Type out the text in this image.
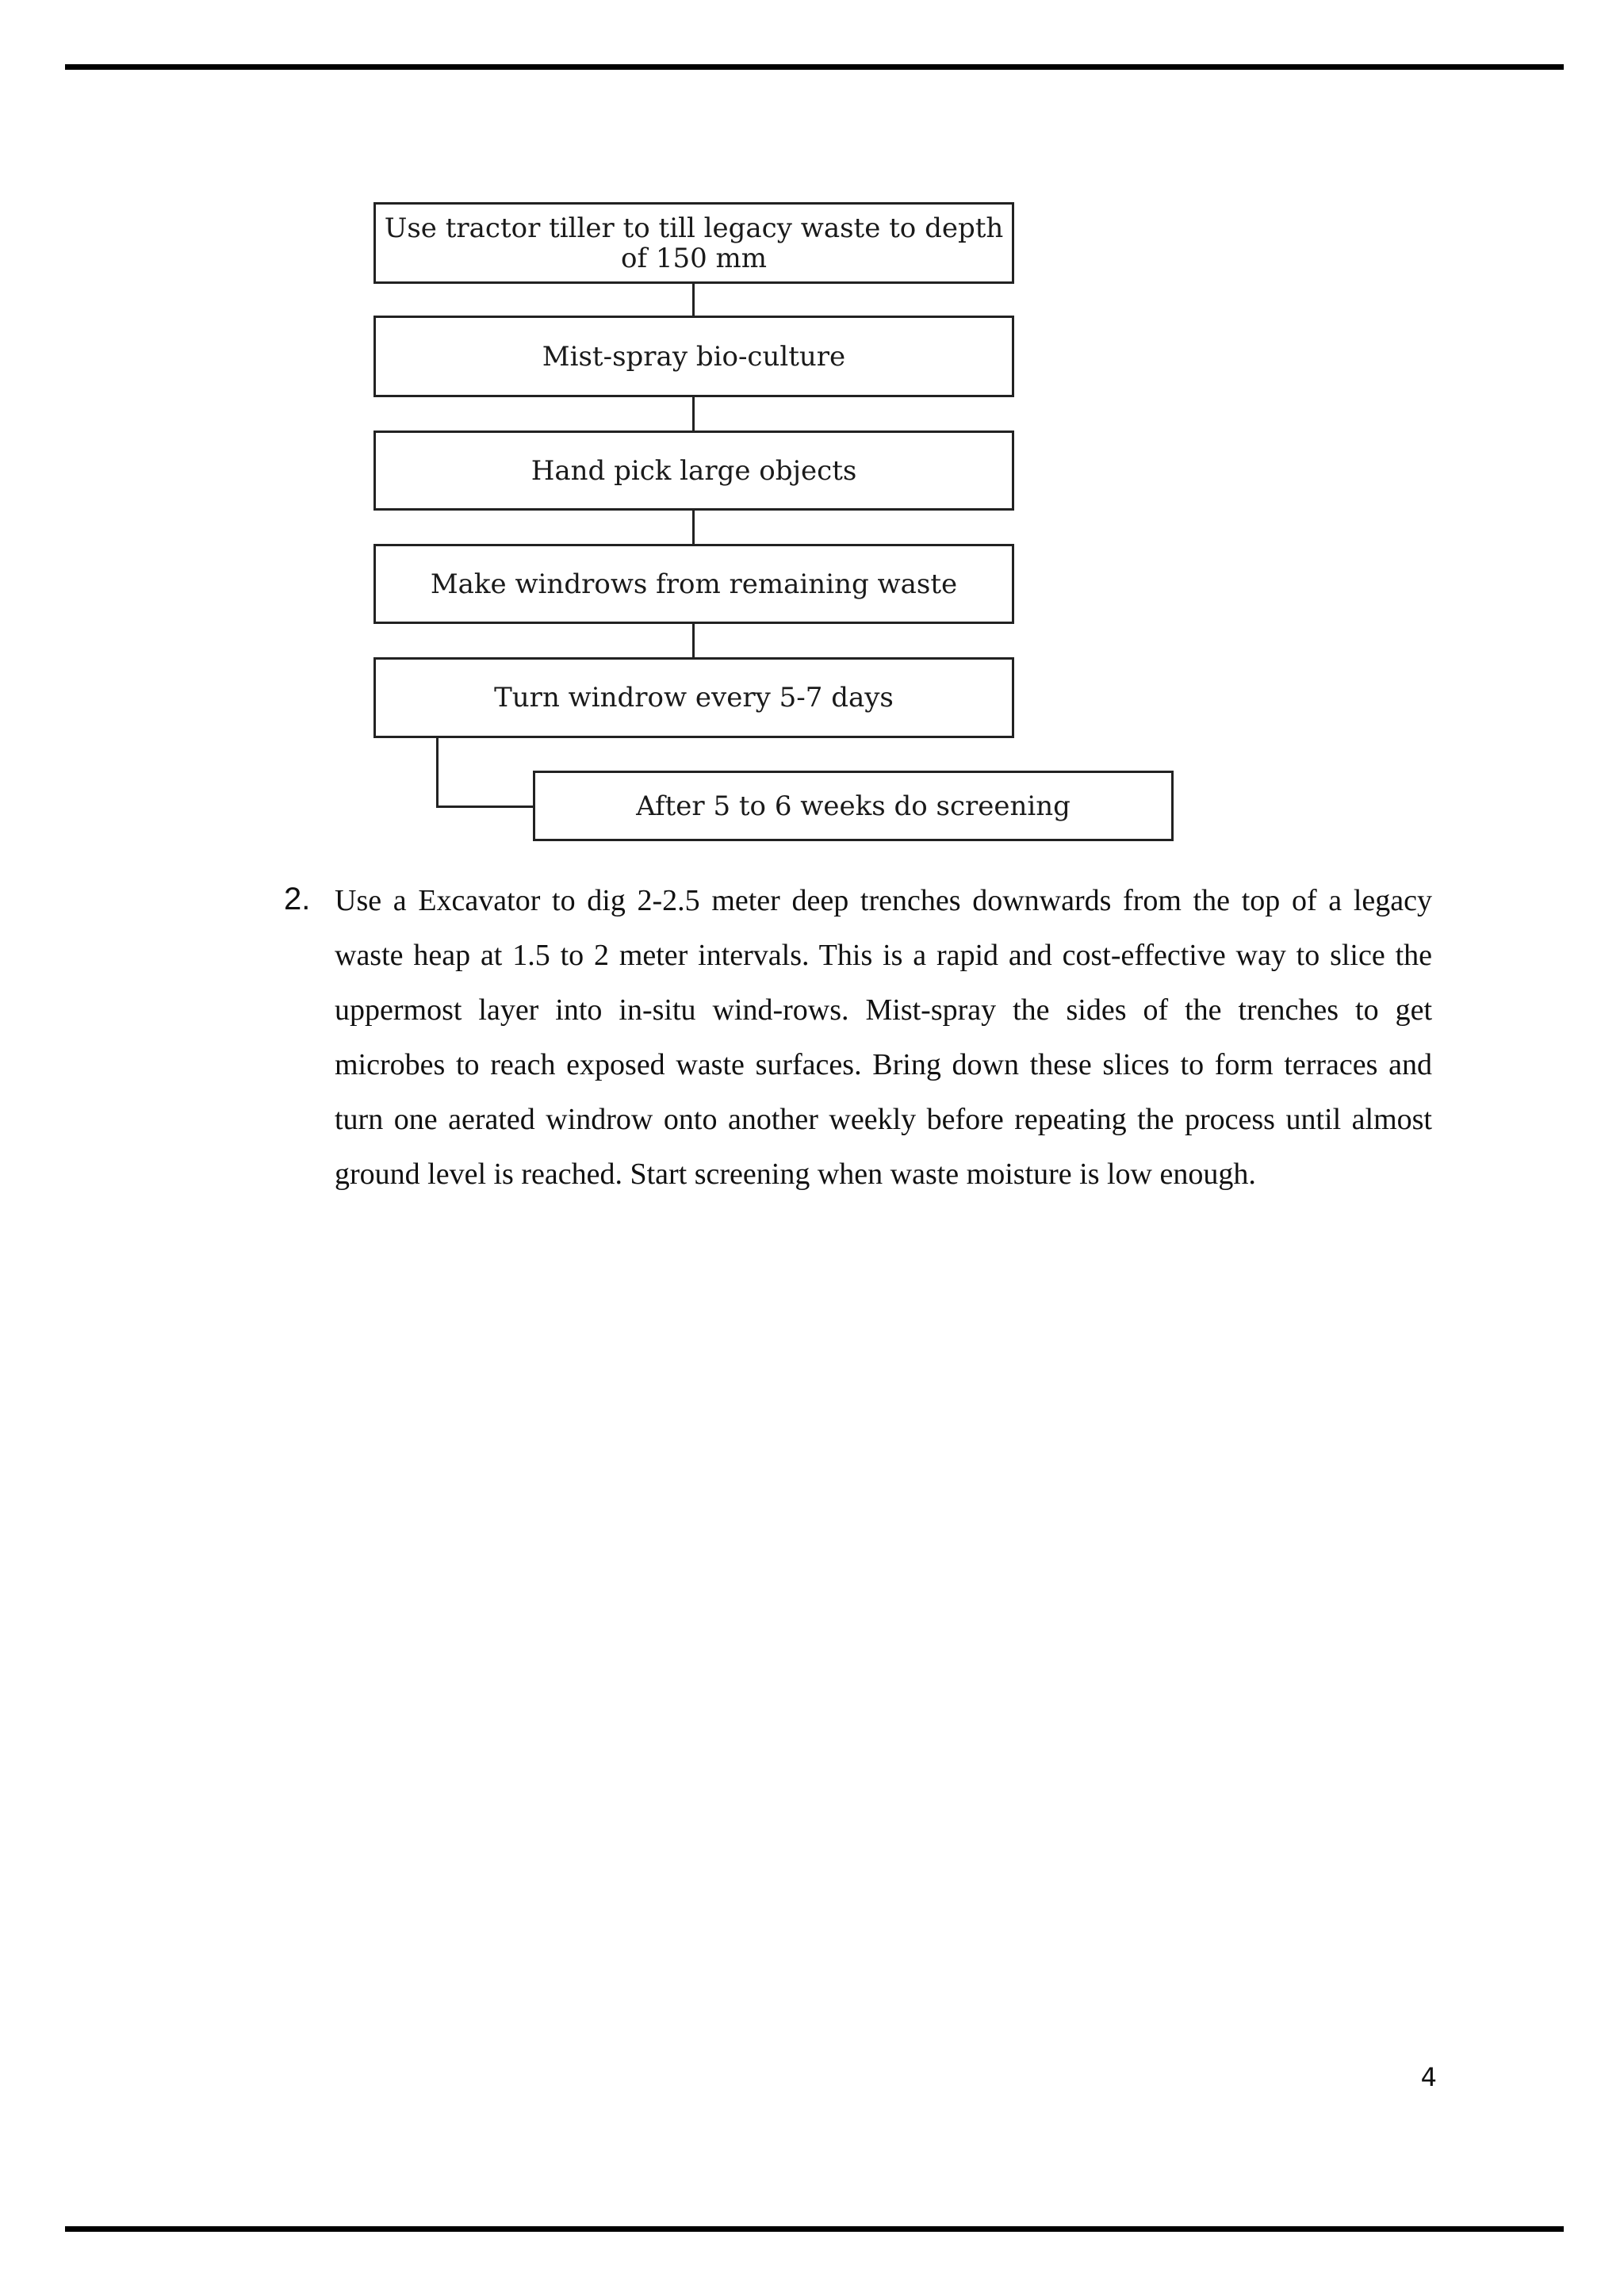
Use tractor tiller to till legacy waste to depth of 150 mm
Mist-spray bio-culture
Hand pick large objects
Make windrows from remaining waste
Turn windrow every 5-7 days
After 5 to 6 weeks do screening
2. Use a Excavator to dig 2-2.5 meter deep trenches downwards from the top of a legacy waste heap at 1.5 to 2 meter intervals. This is a rapid and cost-effective way to slice the uppermost layer into in-situ wind-rows. Mist-spray the sides of the trenches to get microbes to reach exposed waste surfaces. Bring down these slices to form terraces and turn one aerated windrow onto another weekly before repeating the process until almost ground level is reached. Start screening when waste moisture is low enough.

4
